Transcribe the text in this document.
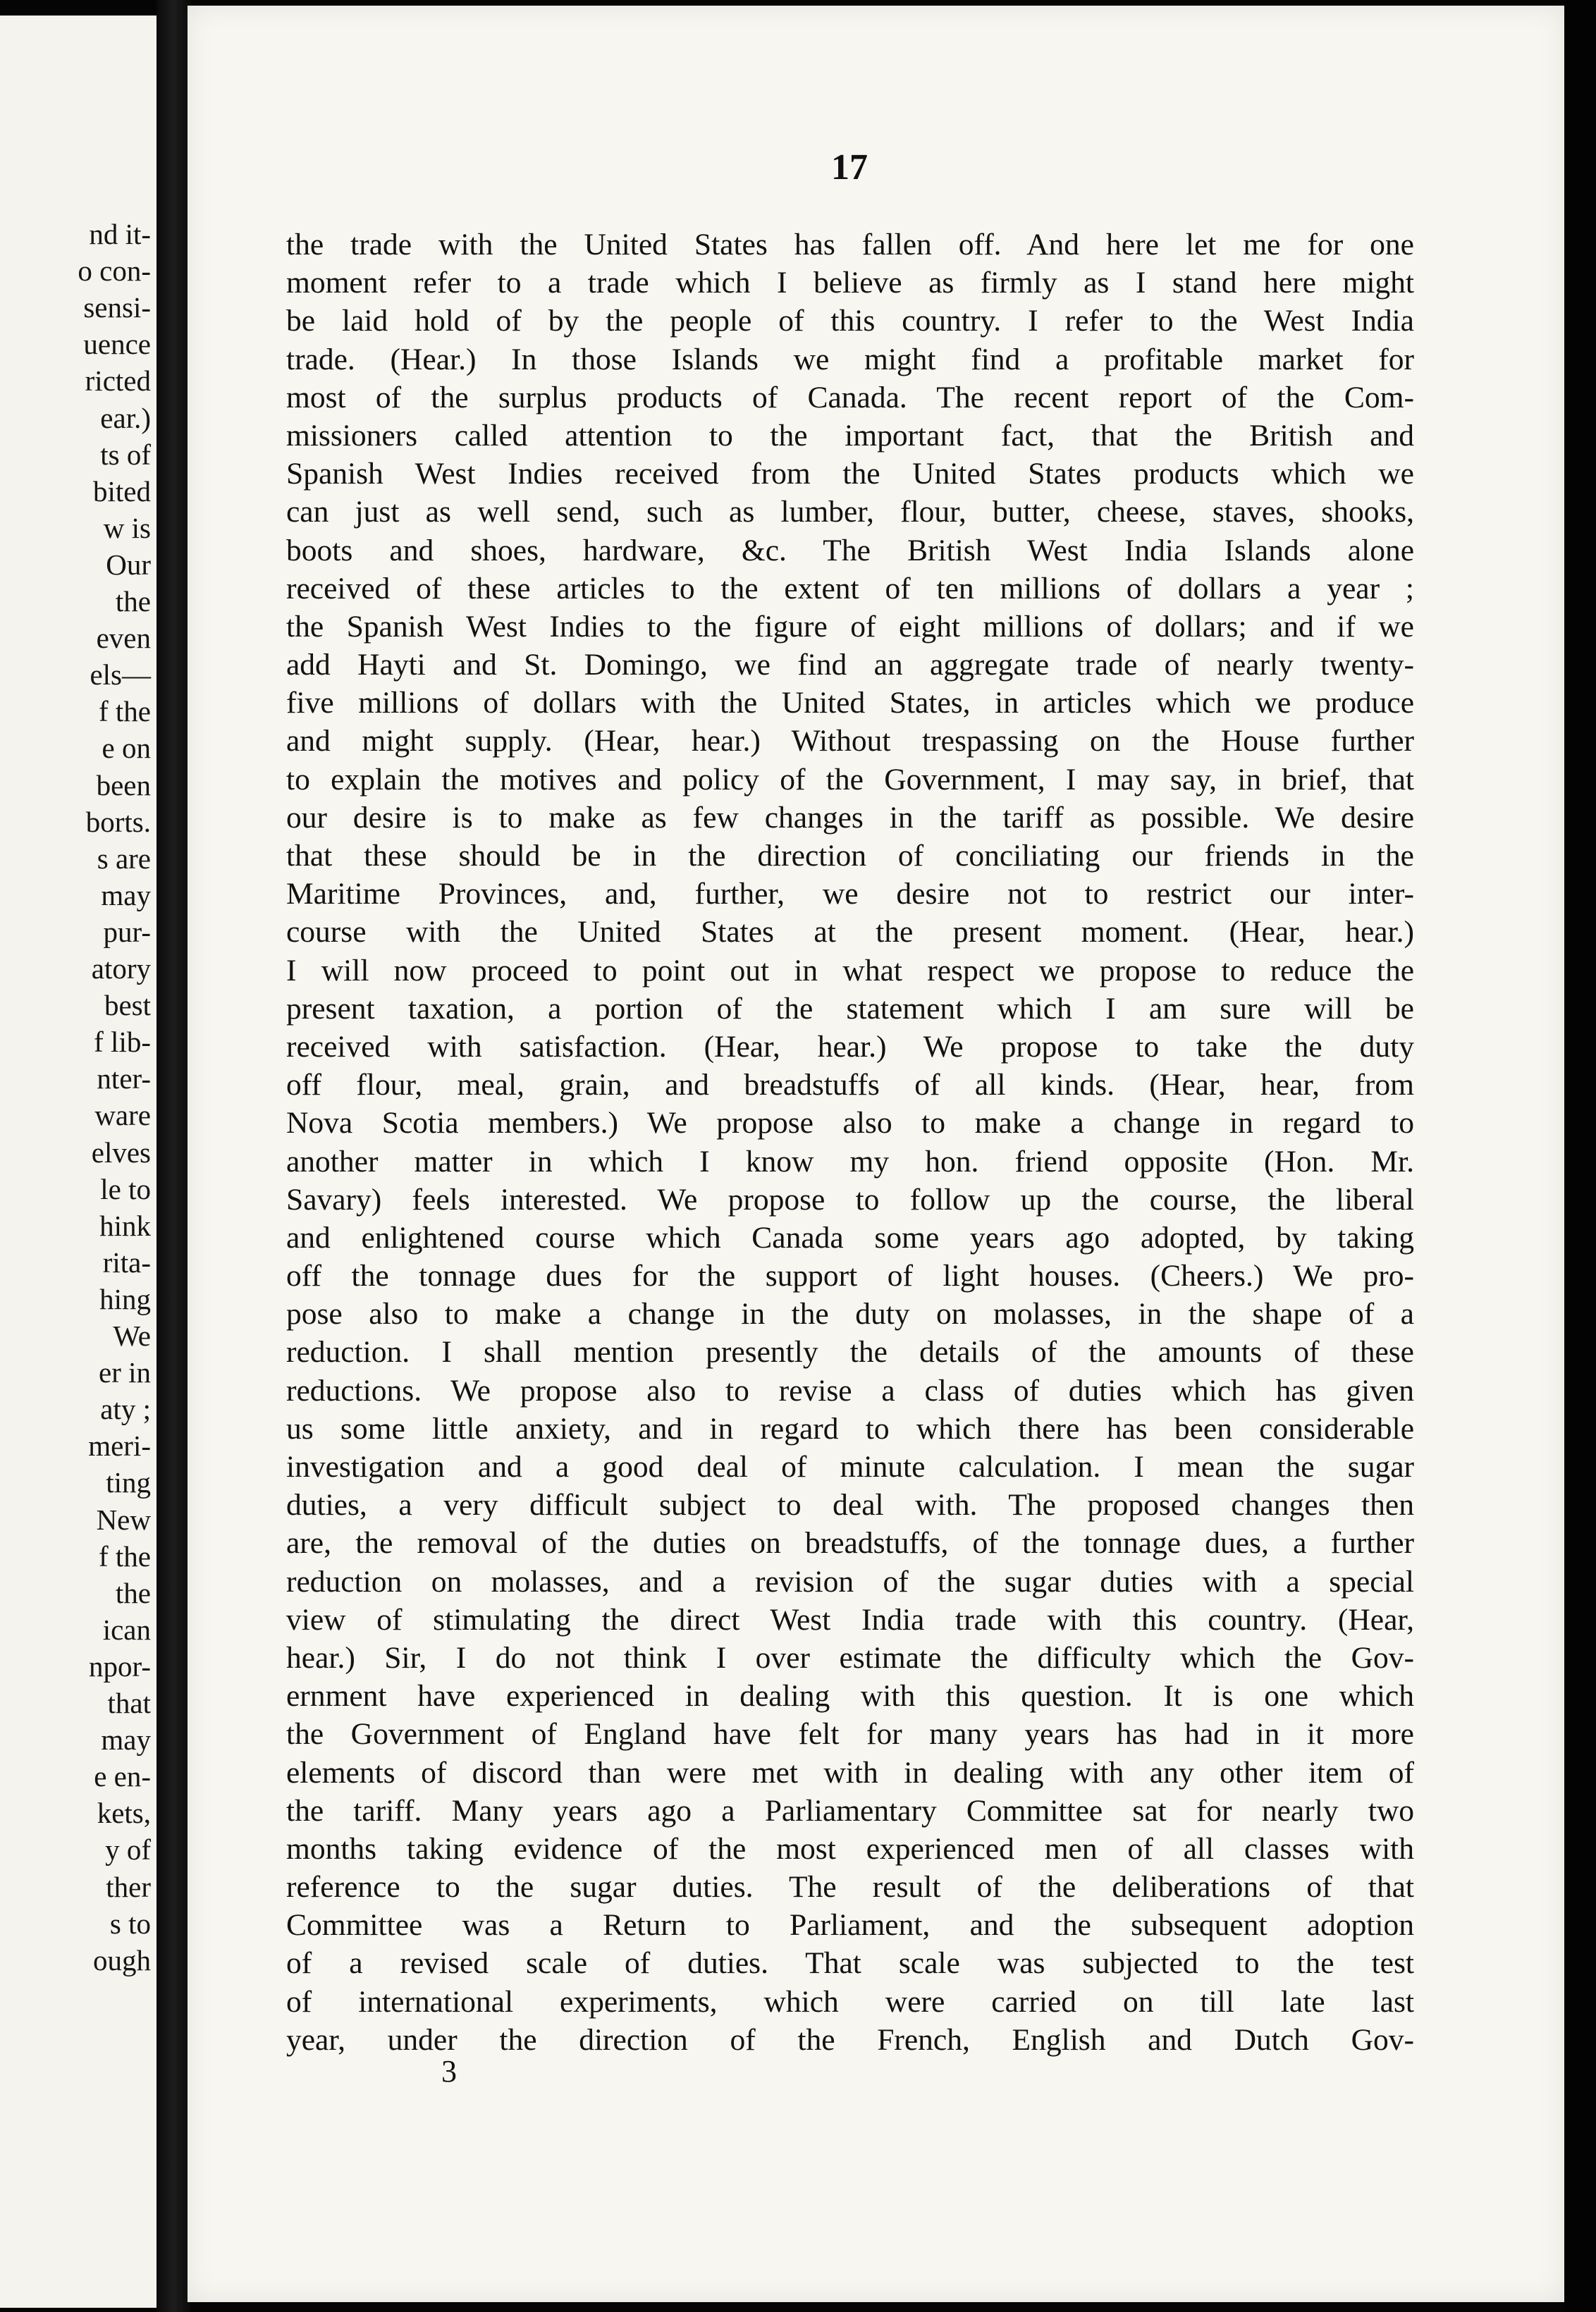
nd it-
o con-
sensi-
uence
ricted
ear.)
ts of
bited
w is
Our
the
even
els—
f the
e on
been
borts.
s are
may
pur-
atory
best
f lib-
nter-
ware
elves
le to
hink
rita-
hing
We
er in
aty ;
meri-
ting
New
f the
the
ican
npor-
that
may
e en-
kets,
y of
ther
s to
ough
17
the trade with the United States has fallen off. And here let me for one
moment refer to a trade which I believe as firmly as I stand here might
be laid hold of by the people of this country. I refer to the West India
trade. (Hear.) In those Islands we might find a profitable market for
most of the surplus products of Canada. The recent report of the Com-
missioners called attention to the important fact, that the British and
Spanish West Indies received from the United States products which we
can just as well send, such as lumber, flour, butter, cheese, staves, shooks,
boots and shoes, hardware, &c. The British West India Islands alone
received of these articles to the extent of ten millions of dollars a year ;
the Spanish West Indies to the figure of eight millions of dollars; and if we
add Hayti and St. Domingo, we find an aggregate trade of nearly twenty-
five millions of dollars with the United States, in articles which we produce
and might supply. (Hear, hear.) Without trespassing on the House further
to explain the motives and policy of the Government, I may say, in brief, that
our desire is to make as few changes in the tariff as possible. We desire
that these should be in the direction of conciliating our friends in the
Maritime Provinces, and, further, we desire not to restrict our inter-
course with the United States at the present moment. (Hear, hear.)
I will now proceed to point out in what respect we propose to reduce the
present taxation, a portion of the statement which I am sure will be
received with satisfaction. (Hear, hear.) We propose to take the duty
off flour, meal, grain, and breadstuffs of all kinds. (Hear, hear, from
Nova Scotia members.) We propose also to make a change in regard to
another matter in which I know my hon. friend opposite (Hon. Mr.
Savary) feels interested. We propose to follow up the course, the liberal
and enlightened course which Canada some years ago adopted, by taking
off the tonnage dues for the support of light houses. (Cheers.) We pro-
pose also to make a change in the duty on molasses, in the shape of a
reduction. I shall mention presently the details of the amounts of these
reductions. We propose also to revise a class of duties which has given
us some little anxiety, and in regard to which there has been considerable
investigation and a good deal of minute calculation. I mean the sugar
duties, a very difficult subject to deal with. The proposed changes then
are, the removal of the duties on breadstuffs, of the tonnage dues, a further
reduction on molasses, and a revision of the sugar duties with a special
view of stimulating the direct West India trade with this country. (Hear,
hear.) Sir, I do not think I over estimate the difficulty which the Gov-
ernment have experienced in dealing with this question. It is one which
the Government of England have felt for many years has had in it more
elements of discord than were met with in dealing with any other item of
the tariff. Many years ago a Parliamentary Committee sat for nearly two
months taking evidence of the most experienced men of all classes with
reference to the sugar duties. The result of the deliberations of that
Committee was a Return to Parliament, and the subsequent adoption
of a revised scale of duties. That scale was subjected to the test
of international experiments, which were carried on till late last
year, under the direction of the French, English and Dutch Gov-
3
